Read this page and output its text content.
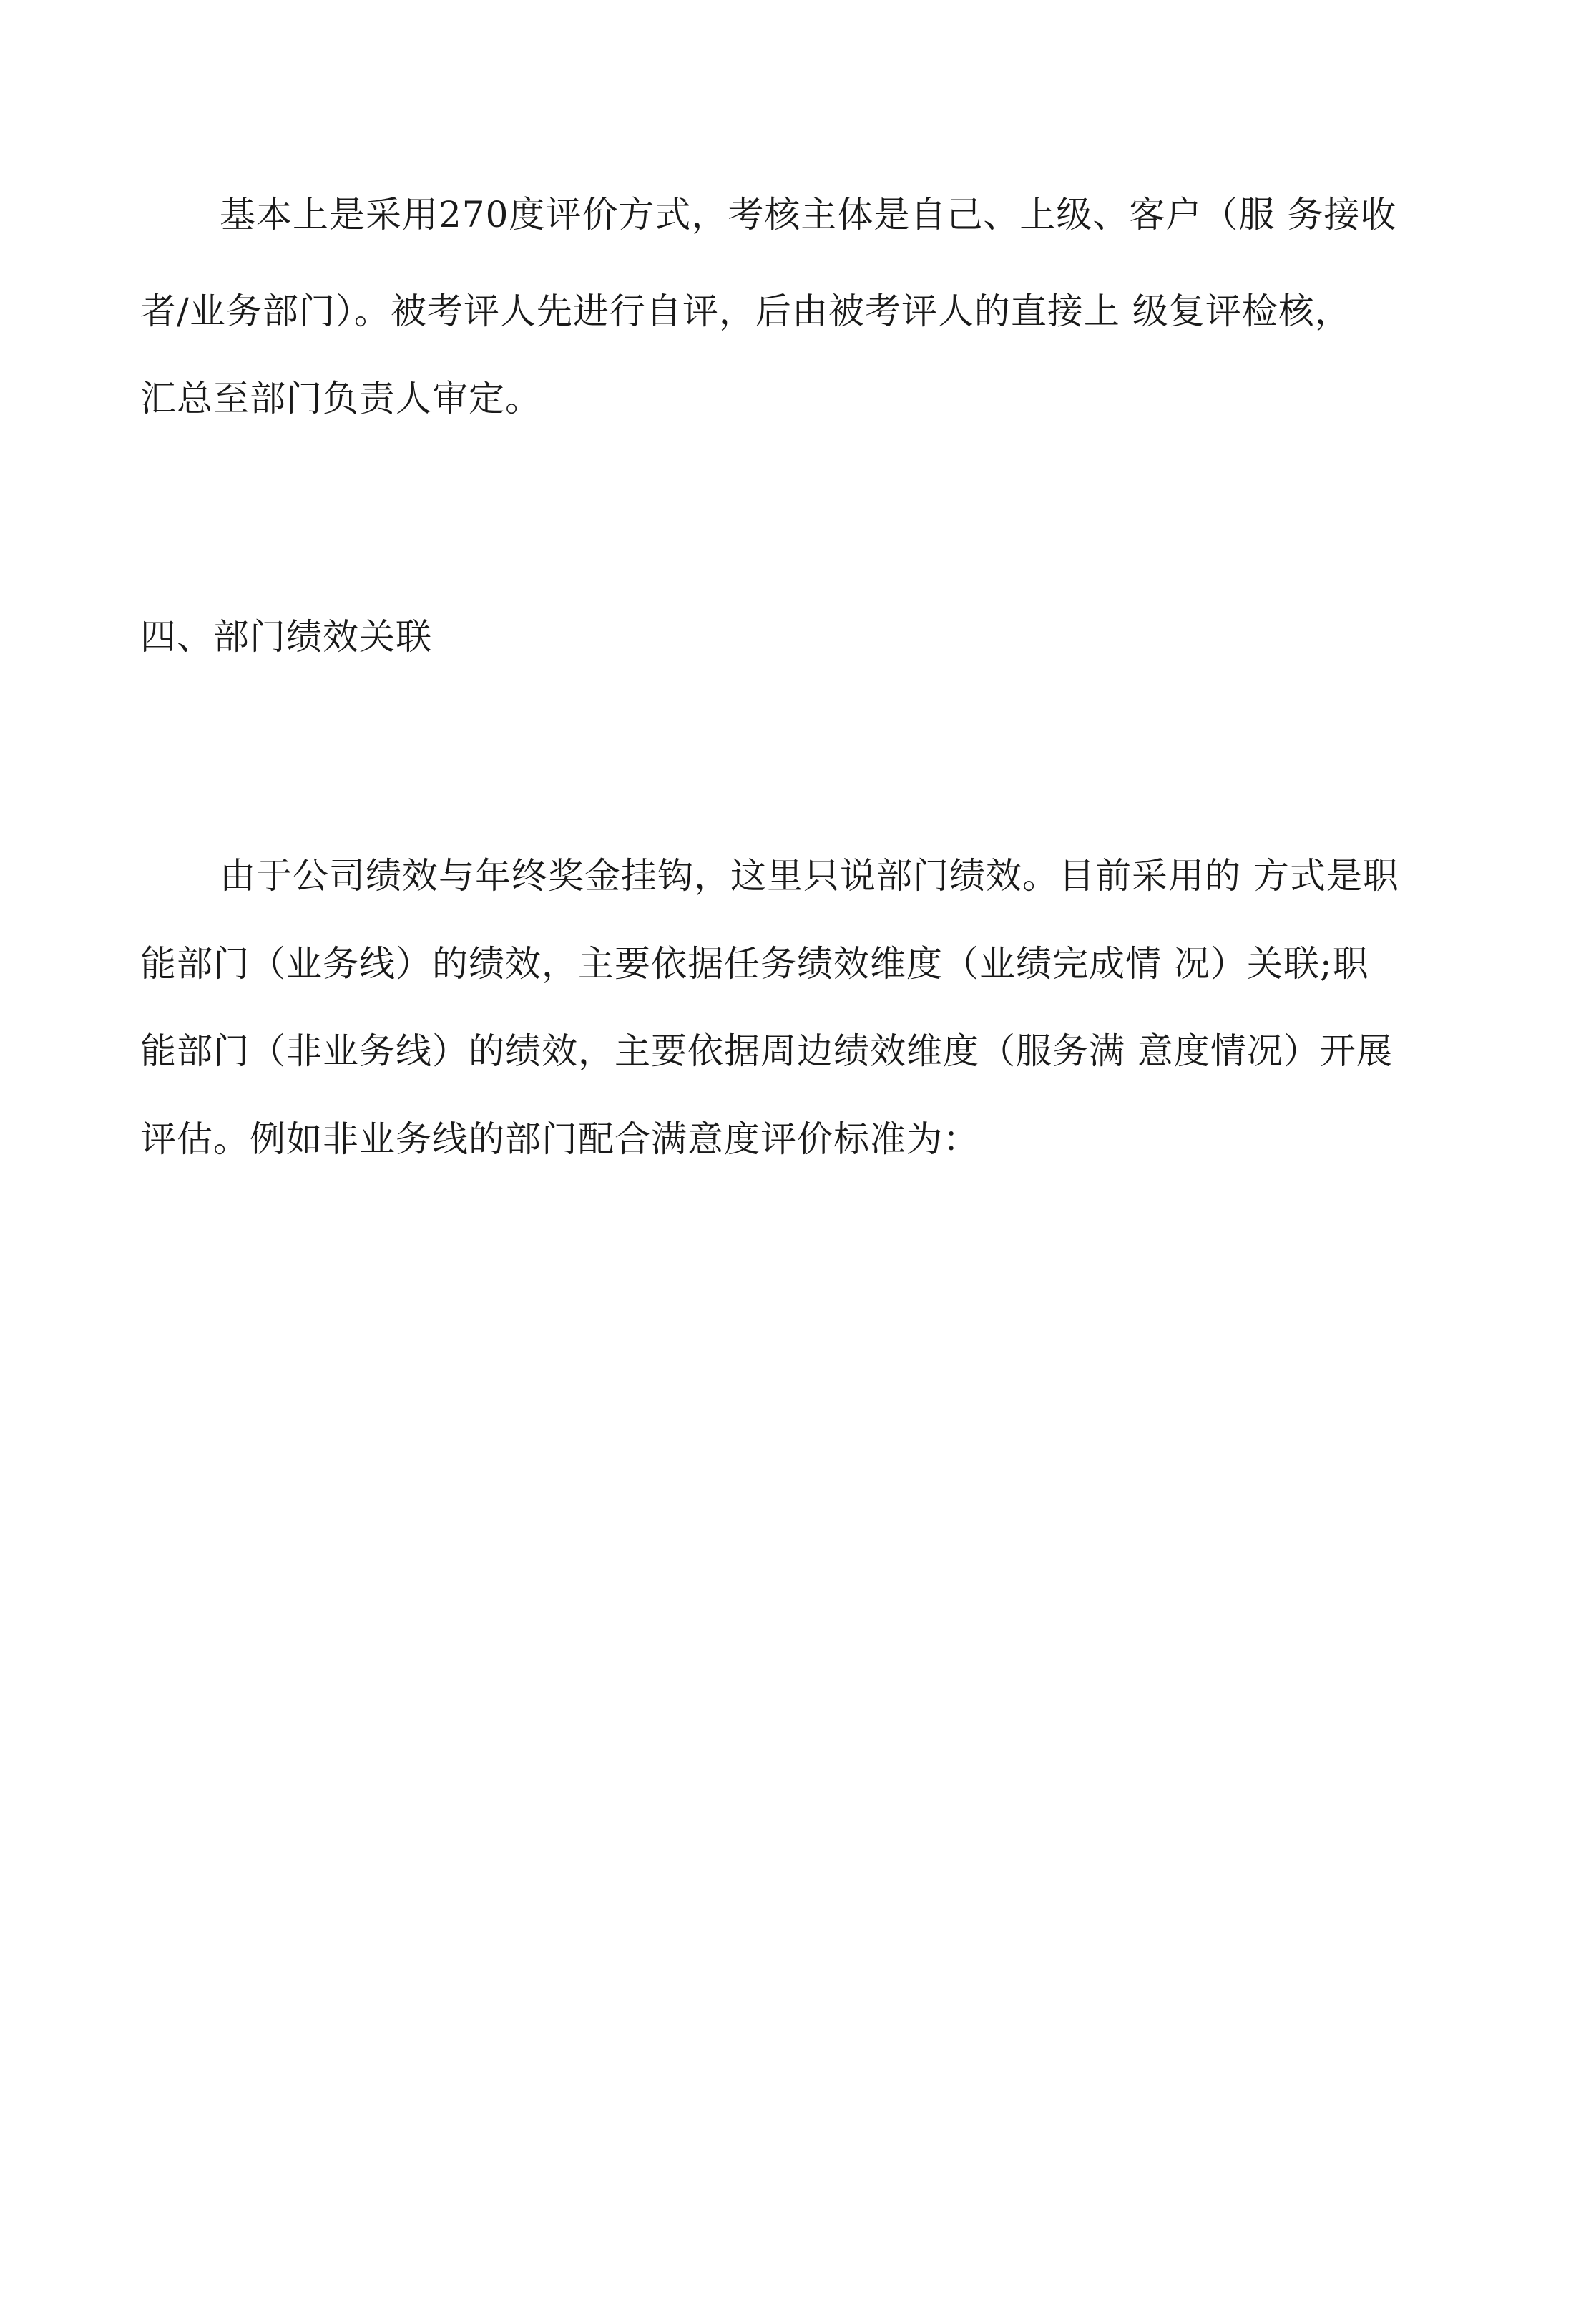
基本上是采用270度评价方式，考核主体是自己、上级、客户（服 务接收

者/业务部门）。被考评人先进行自评，后由被考评人的直接上 级复评检核，

汇总至部门负责人审定。

四、部门绩效关联

由于公司绩效与年终奖金挂钩，这里只说部门绩效。目前采用的 方式是职

能部门（业务线）的绩效，主要依据任务绩效维度（业绩完成情 况）关联;职

能部门（非业务线）的绩效，主要依据周边绩效维度（服务满 意度情况）开展

评估。例如非业务线的部门配合满意度评价标准为：
